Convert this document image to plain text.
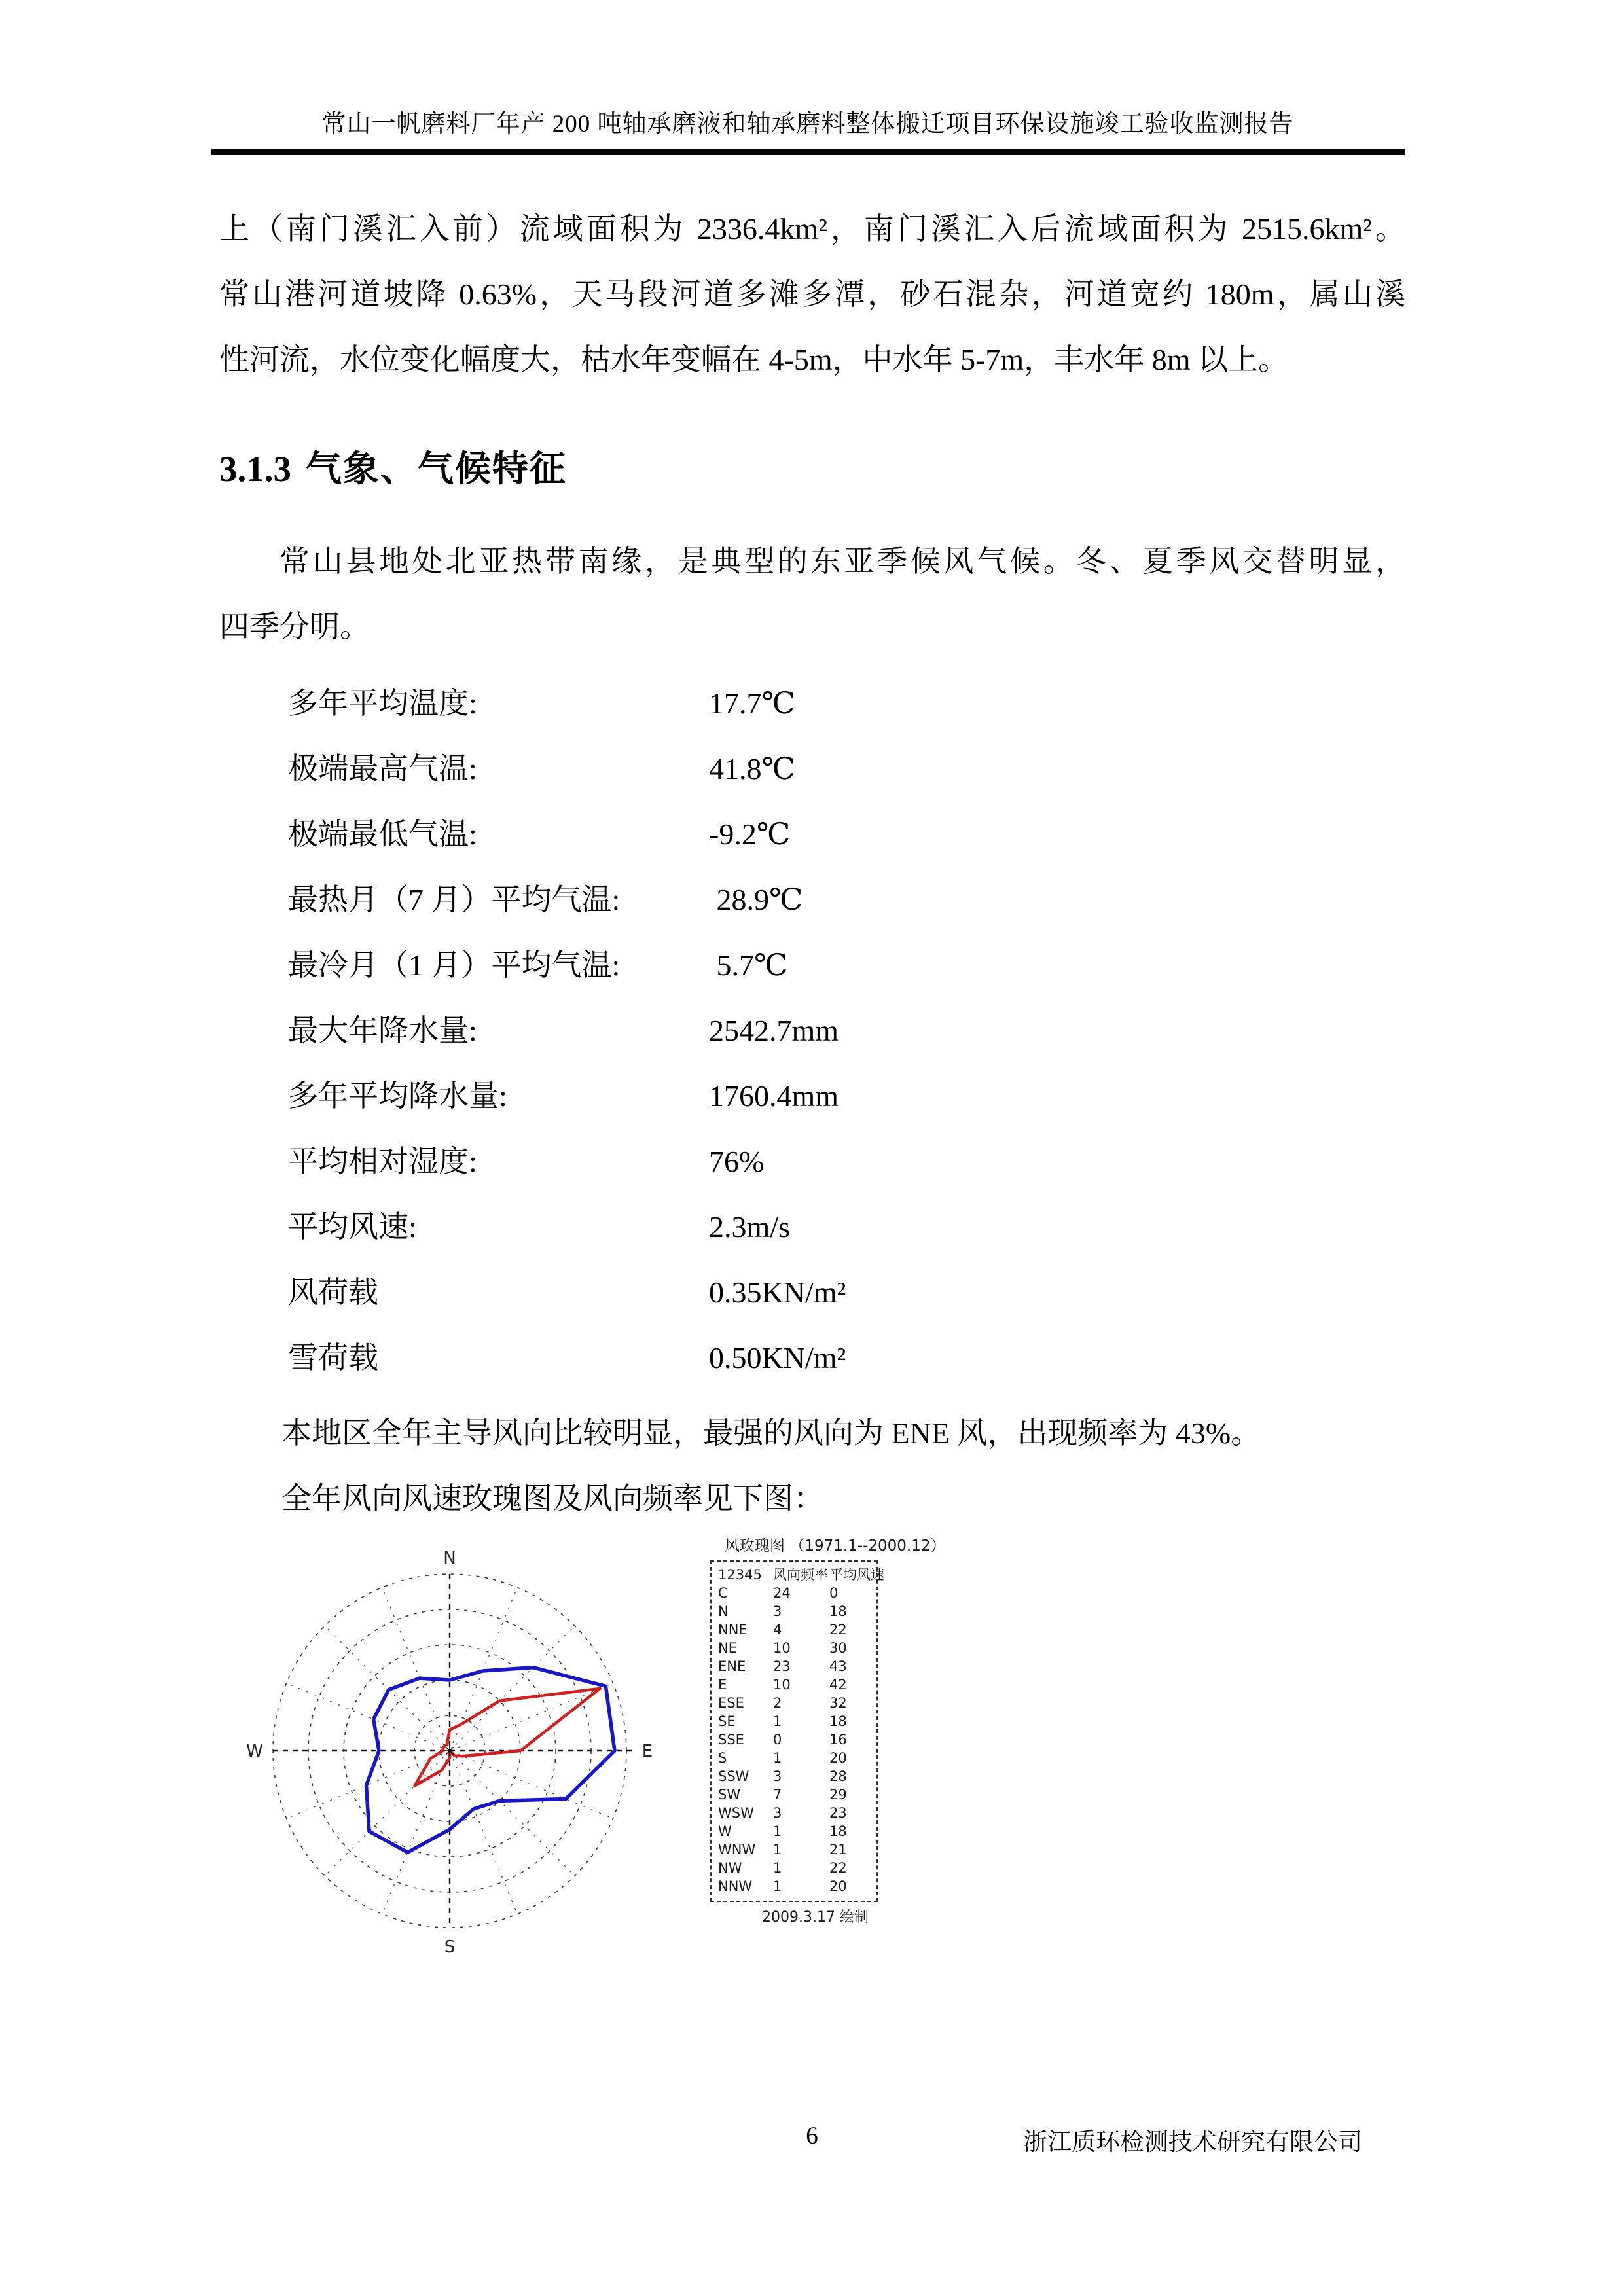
常山一帆磨料厂年产 200 吨轴承磨液和轴承磨料整体搬迁项目环保设施竣工验收监测报告
上（南门溪汇入前）流域面积为 2336.4km²，南门溪汇入后流域面积为 2515.6km²。
常山港河道坡降 0.63%，天马段河道多滩多潭，砂石混杂，河道宽约 180m，属山溪
性河流，水位变化幅度大，枯水年变幅在 4-5m，中水年 5-7m，丰水年 8m 以上。
3.1.3 气象、气候特征
常山县地处北亚热带南缘，是典型的东亚季候风气候。冬、夏季风交替明显，
四季分明。
多年平均温度:	17.7℃
极端最高气温:	41.8℃
极端最低气温:	-9.2℃
最热月（7 月）平均气温:	28.9℃
最冷月（1 月）平均气温:	5.7℃
最大年降水量:	2542.7mm
多年平均降水量:	1760.4mm
平均相对湿度:	76%
平均风速:	2.3m/s
风荷载	0.35KN/m²
雪荷载	0.50KN/m²
本地区全年主导风向比较明显，最强的风向为 ENE 风，出现频率为 43%。
全年风向风速玫瑰图及风向频率见下图：
N
S
W	E
风玫瑰图 （1971.1--2000.12）
12345 风向频率 平均风速
C	24	0
N	3	18
NNE	4	22
NE	10	30
ENE	23	43
E	10	42
ESE	2	32
SE	1	18
SSE	0	16
S	1	20
SSW	3	28
SW	7	29
WSW	3	23
W	1	18
WNW	1	21
NW	1	22
NNW	1	20
2009.3.17 绘制
6	浙江质环检测技术研究有限公司
